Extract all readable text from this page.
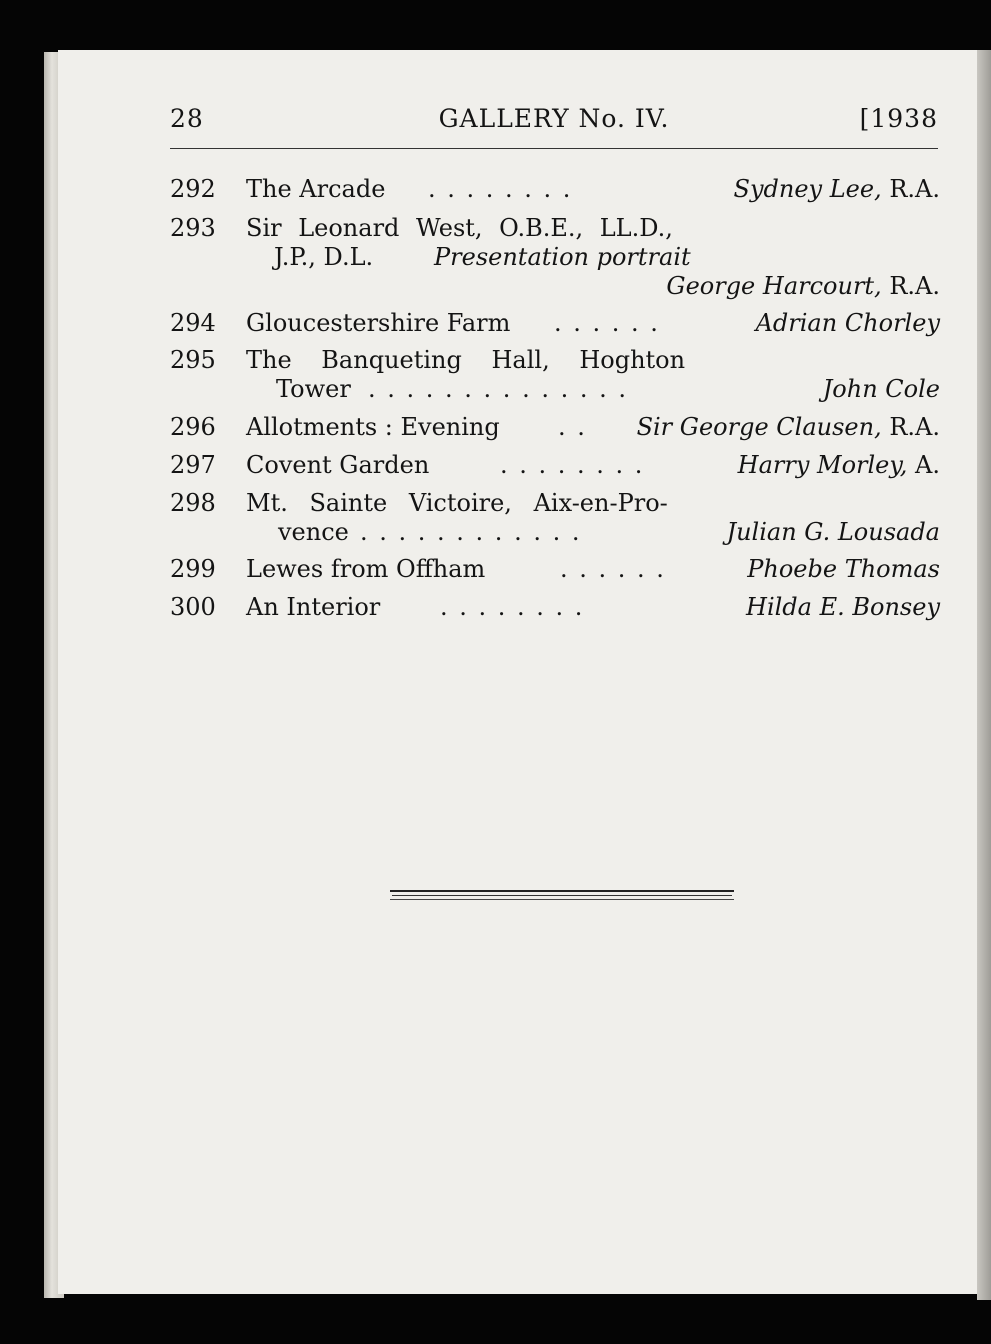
28	GALLERY No. IV.	[1938
292 The Arcade . . . . . . . .	Sydney Lee, R.A.
293 Sir Leonard West, O.B.E., LL.D.,
J.P., D.L.	Presentation portrait
George Harcourt, R.A.
294 Gloucestershire Farm . . . . . .	Adrian Chorley
295 The Banqueting Hall, Hoghton
Tower . . . . . . . . . . . . . .	John Cole
296 Allotments : Evening . . Sir George Clausen, R.A.
297 Covent Garden	. . . . . . . .	Harry Morley, A.
298 Mt. Sainte Victoire, Aix-en-Pro-
vence . . . . . . . . . . . .	Julian G. Lousada
299 Lewes from Offham	. . . . . .	Phoebe Thomas
300 An Interior . . . . . . . .	Hilda E. Bonsey
